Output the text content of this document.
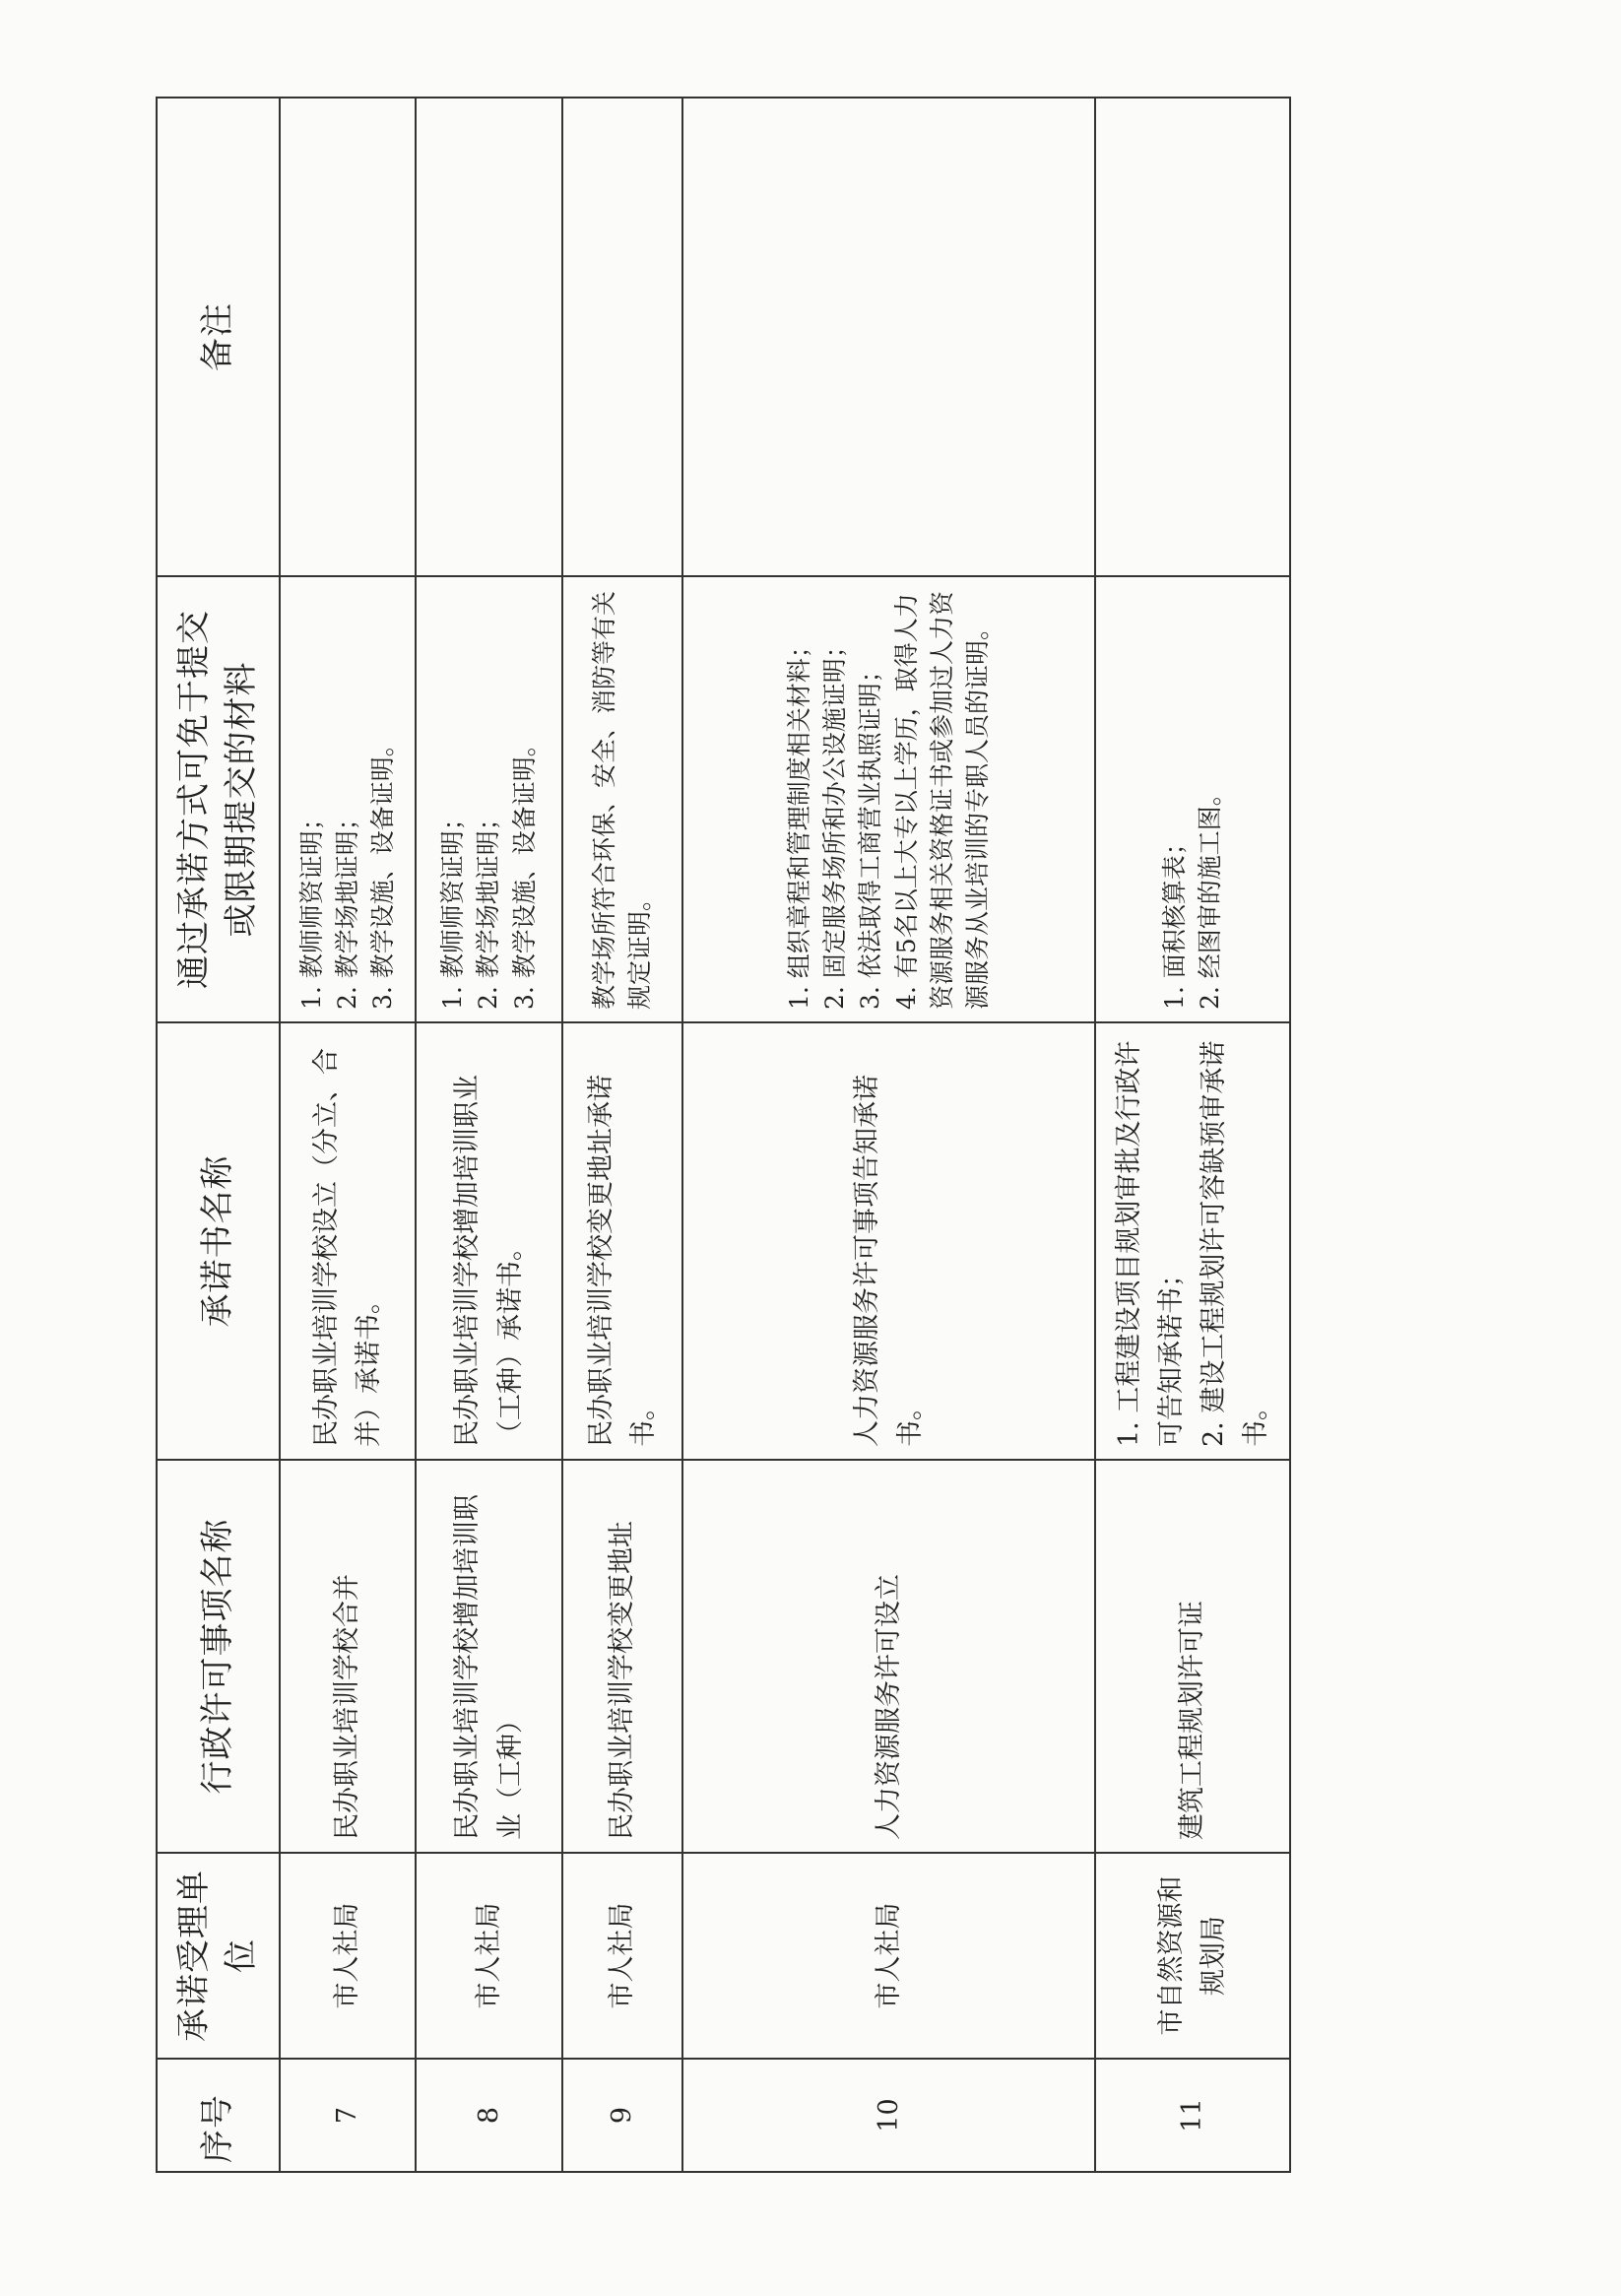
序号	承诺受理单位	行政许可事项名称	承诺书名称	通过承诺方式可免于提交 或限期提交的材料	备注
7	市人社局	民办职业培训学校合并	民办职业培训学校设立（分立、合并）承诺书。	1. 教师师资证明； 2. 教学场地证明； 3. 教学设施、设备证明。	

8	市人社局	民办职业培训学校增加培训职业（工种）	民办职业培训学校增加培训职业（工种）承诺书。	1. 教师师资证明； 2. 教学场地证明； 3. 教学设施、设备证明。	

9	市人社局	民办职业培训学校变更地址	民办职业培训学校变更地址承诺书。	教学场所符合环保、安全、消防等有关规定证明。	

10	市人社局	人力资源服务许可设立	人力资源服务许可事项告知承诺书。	1. 组织章程和管理制度相关材料； 2. 固定服务场所和办公设施证明； 3. 依法取得工商营业执照证明； 4. 有5名以上大专以上学历，取得人力资源服务相关资格证书或参加过人力资源服务从业培训的专职人员的证明。	

11	市自然资源和规划局	建筑工程规划许可证	1. 工程建设项目规划审批及行政许可告知承诺书； 2. 建设工程规划许可容缺预审承诺书。	1. 面积核算表； 2. 经图审的施工图。	
